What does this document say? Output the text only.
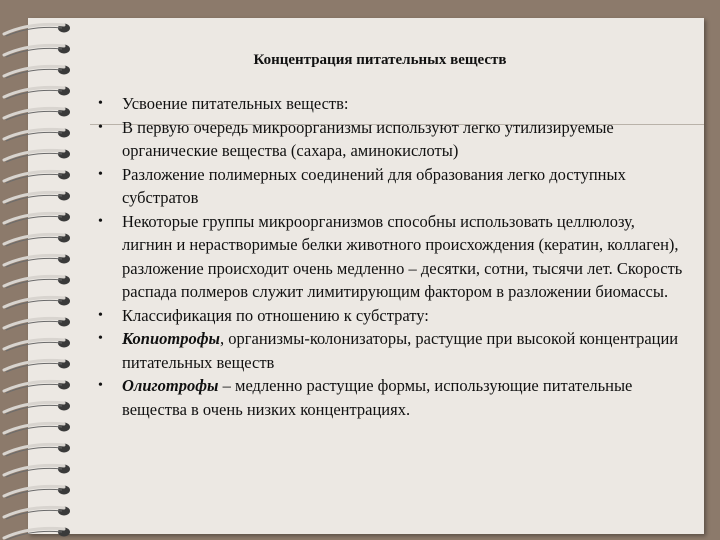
Концентрация питательных веществ
• Усвоение питательных веществ:
• В первую очередь микроорганизмы используют легко утилизируемые органические вещества (сахара, аминокислоты)
• Разложение полимерных соединений для образования легко доступных субстратов
• Некоторые группы микроорганизмов способны использовать целлюлозу, лигнин и нерастворимые белки животного происхождения (кератин, коллаген), разложение происходит очень медленно – десятки, сотни, тысячи лет. Скорость распада полмеров служит лимитирующим фактором в разложении биомассы.
• Классификация по отношению к субстрату:
• Копиотрофы, организмы-колонизаторы, растущие при высокой концентрации питательных веществ
• Олиготрофы – медленно растущие формы, использующие питательные вещества в очень низких концентрациях.
